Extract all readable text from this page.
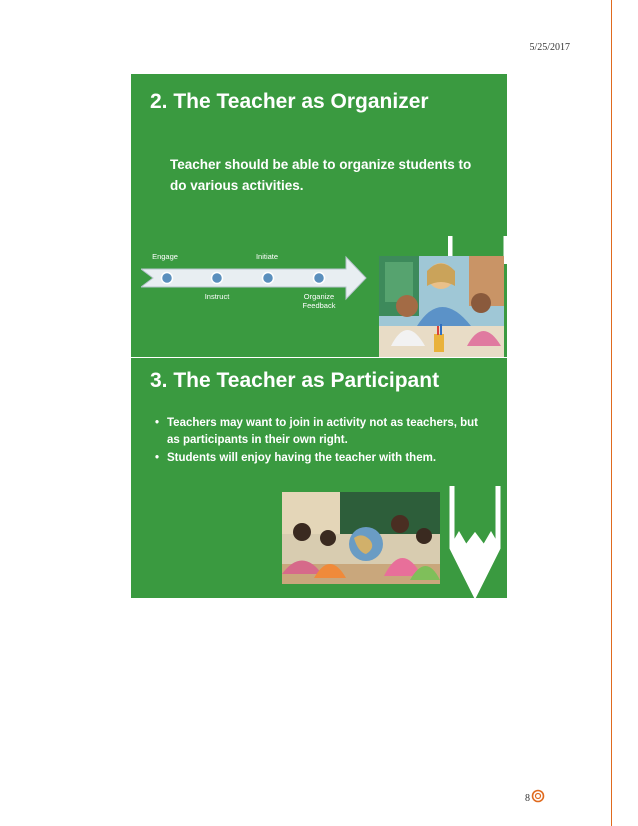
5/25/2017
2. The Teacher as Organizer
Teacher should be able to organize students to do various activities.
Engage	Initiate
Instruct	Organize
Feedback
3. The Teacher as Participant
• Teachers may want to join in activity not as teachers, but as participants in their own right.
• Students will enjoy having the teacher with them.
8
